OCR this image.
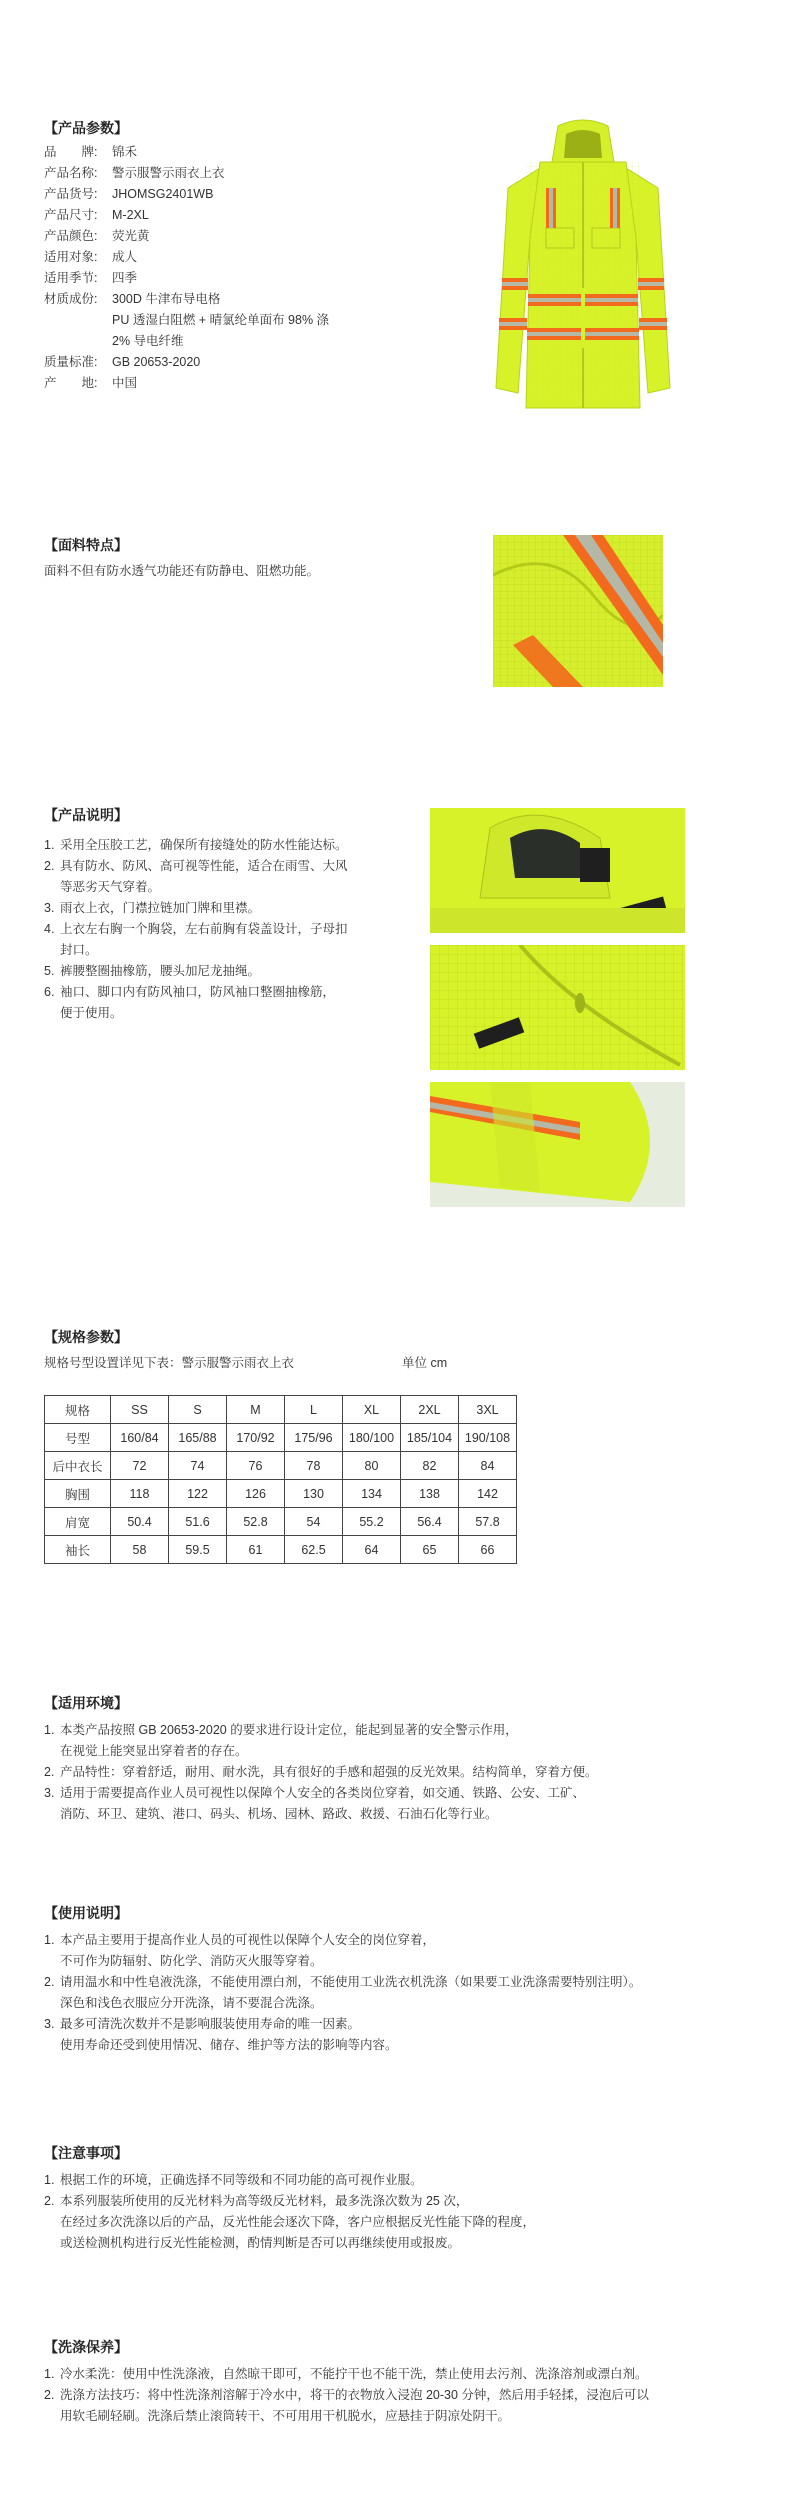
【产品参数】
品　　牌: 锦禾
产品名称: 警示服警示雨衣上衣
产品货号: JHOMSG2401WB
产品尺寸: M-2XL
产品颜色: 荧光黄
适用对象: 成人
适用季节: 四季
材质成份: 300D 牛津布导电格
PU 透湿白阻燃 + 晴氯纶单面布 98% 涤
2% 导电纤维
质量标准: GB 20653-2020
产　　地: 中国
【面料特点】
面料不但有防水透气功能还有防静电、阻燃功能。
【产品说明】
1. 采用全压胶工艺，确保所有接缝处的防水性能达标。
2. 具有防水、防风、高可视等性能，适合在雨雪、大风
等恶劣天气穿着。
3. 雨衣上衣，门襟拉链加门牌和里襟。
4. 上衣左右胸一个胸袋，左右前胸有袋盖设计，子母扣
封口。
5. 裤腰整圈抽橡筋，腰头加尼龙抽绳。
6. 袖口、脚口内有防风袖口，防风袖口整圈抽橡筋，
便于使用。
【规格参数】
规格号型设置详见下表：警示服警示雨衣上衣	单位 cm
规格	SS	S	M	L	XL	2XL	3XL
号型	160/84	165/88	170/92	175/96	180/100	185/104	190/108
后中衣长	72	74	76	78	80	82	84
胸围	118	122	126	130	134	138	142
肩宽	50.4	51.6	52.8	54	55.2	56.4	57.8
袖长	58	59.5	61	62.5	64	65	66
【适用环境】
1. 本类产品按照 GB 20653-2020 的要求进行设计定位，能起到显著的安全警示作用，
在视觉上能突显出穿着者的存在。
2. 产品特性：穿着舒适，耐用、耐水洗，具有很好的手感和超强的反光效果。结构简单，穿着方便。
3. 适用于需要提高作业人员可视性以保障个人安全的各类岗位穿着，如交通、铁路、公安、工矿、
消防、环卫、建筑、港口、码头、机场、园林、路政、救援、石油石化等行业。
【使用说明】
1. 本产品主要用于提高作业人员的可视性以保障个人安全的岗位穿着，
不可作为防辐射、防化学、消防灭火服等穿着。
2. 请用温水和中性皂液洗涤，不能使用漂白剂，不能使用工业洗衣机洗涤（如果要工业洗涤需要特别注明）。
深色和浅色衣服应分开洗涤，请不要混合洗涤。
3. 最多可清洗次数并不是影响服装使用寿命的唯一因素。
使用寿命还受到使用情况、储存、维护等方法的影响等内容。
【注意事项】
1. 根据工作的环境，正确选择不同等级和不同功能的高可视作业服。
2. 本系列服装所使用的反光材料为高等级反光材料，最多洗涤次数为 25 次，
在经过多次洗涤以后的产品，反光性能会逐次下降，客户应根据反光性能下降的程度，
或送检测机构进行反光性能检测，酌情判断是否可以再继续使用或报废。
【洗涤保养】
1. 冷水柔洗：使用中性洗涤液，自然晾干即可，不能拧干也不能干洗，禁止使用去污剂、洗涤溶剂或漂白剂。
2. 洗涤方法技巧：将中性洗涤剂溶解于冷水中，将干的衣物放入浸泡 20-30 分钟，然后用手轻揉，浸泡后可以
用软毛刷轻刷。洗涤后禁止滚筒转干、不可用用干机脱水，应悬挂于阴凉处阴干。
